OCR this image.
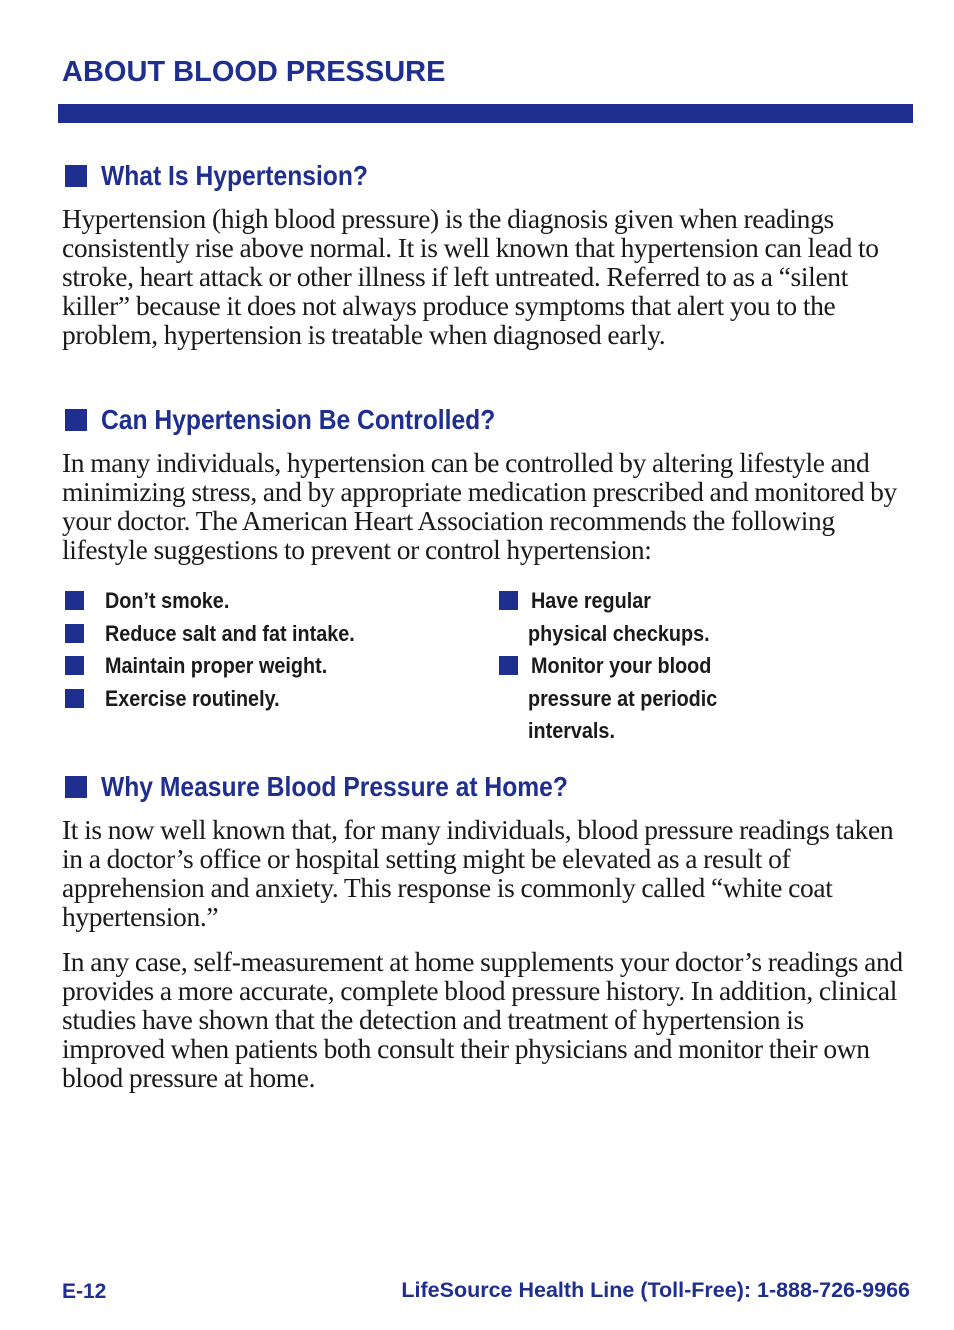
ABOUT BLOOD PRESSURE
What Is Hypertension?

Hypertension (high blood pressure) is the diagnosis given when readings consistently rise above normal. It is well known that hypertension can lead to stroke, heart attack or other illness if left untreated. Referred to as a “silent killer” because it does not always produce symptoms that alert you to the problem, hypertension is treatable when diagnosed early.

Can Hypertension Be Controlled?

In many individuals, hypertension can be controlled by altering lifestyle and minimizing stress, and by appropriate medication prescribed and monitored by your doctor. The American Heart Association recommends the following lifestyle suggestions to prevent or control hypertension:

Don’t smoke.
Reduce salt and fat intake.
Maintain proper weight.
Exercise routinely.
Have regular
physical checkups.
Monitor your blood
pressure at periodic
intervals.
Why Measure Blood Pressure at Home?

It is now well known that, for many individuals, blood pressure readings taken in a doctor’s office or hospital setting might be elevated as a result of apprehension and anxiety. This response is commonly called “white coat hypertension.”

In any case, self-measurement at home supplements your doctor’s readings and provides a more accurate, complete blood pressure history. In addition, clinical studies have shown that the detection and treatment of hypertension is improved when patients both consult their physicians and monitor their own blood pressure at home.

E-12	LifeSource Health Line (Toll-Free): 1-888-726-9966
